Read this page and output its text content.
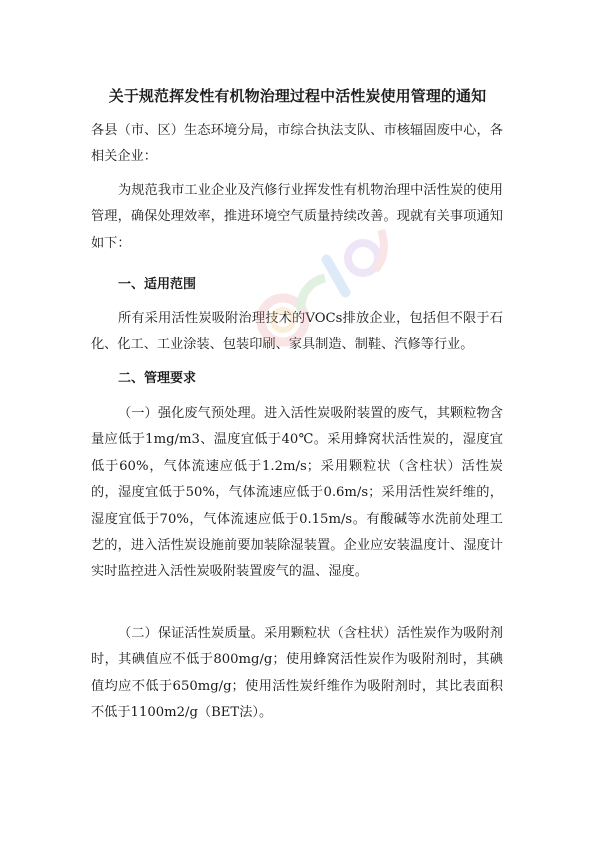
关于规范挥发性有机物治理过程中活性炭使用管理的通知
各县（市、区）生态环境分局，市综合执法支队、市核辐固废中心，各相关企业：
为规范我市工业企业及汽修行业挥发性有机物治理中活性炭的使用管理，确保处理效率，推进环境空气质量持续改善。现就有关事项通知如下：
一、适用范围
所有采用活性炭吸附治理技术的VOCs排放企业，包括但不限于石化、化工、工业涂装、包装印刷、家具制造、制鞋、汽修等行业。
二、管理要求
（一）强化废气预处理。进入活性炭吸附装置的废气，其颗粒物含量应低于1mg/m3、温度宜低于40℃。采用蜂窝状活性炭的，湿度宜低于60%，气体流速应低于1.2m/s；采用颗粒状（含柱状）活性炭的，湿度宜低于50%，气体流速应低于0.6m/s；采用活性炭纤维的，湿度宜低于70%，气体流速应低于0.15m/s。有酸碱等水洗前处理工艺的，进入活性炭设施前要加装除湿装置。企业应安装温度计、湿度计实时监控进入活性炭吸附装置废气的温、湿度。
（二）保证活性炭质量。采用颗粒状（含柱状）活性炭作为吸附剂时，其碘值应不低于800mg/g；使用蜂窝活性炭作为吸附剂时，其碘值均应不低于650mg/g；使用活性炭纤维作为吸附剂时，其比表面积不低于1100m2/g（BET法）。
